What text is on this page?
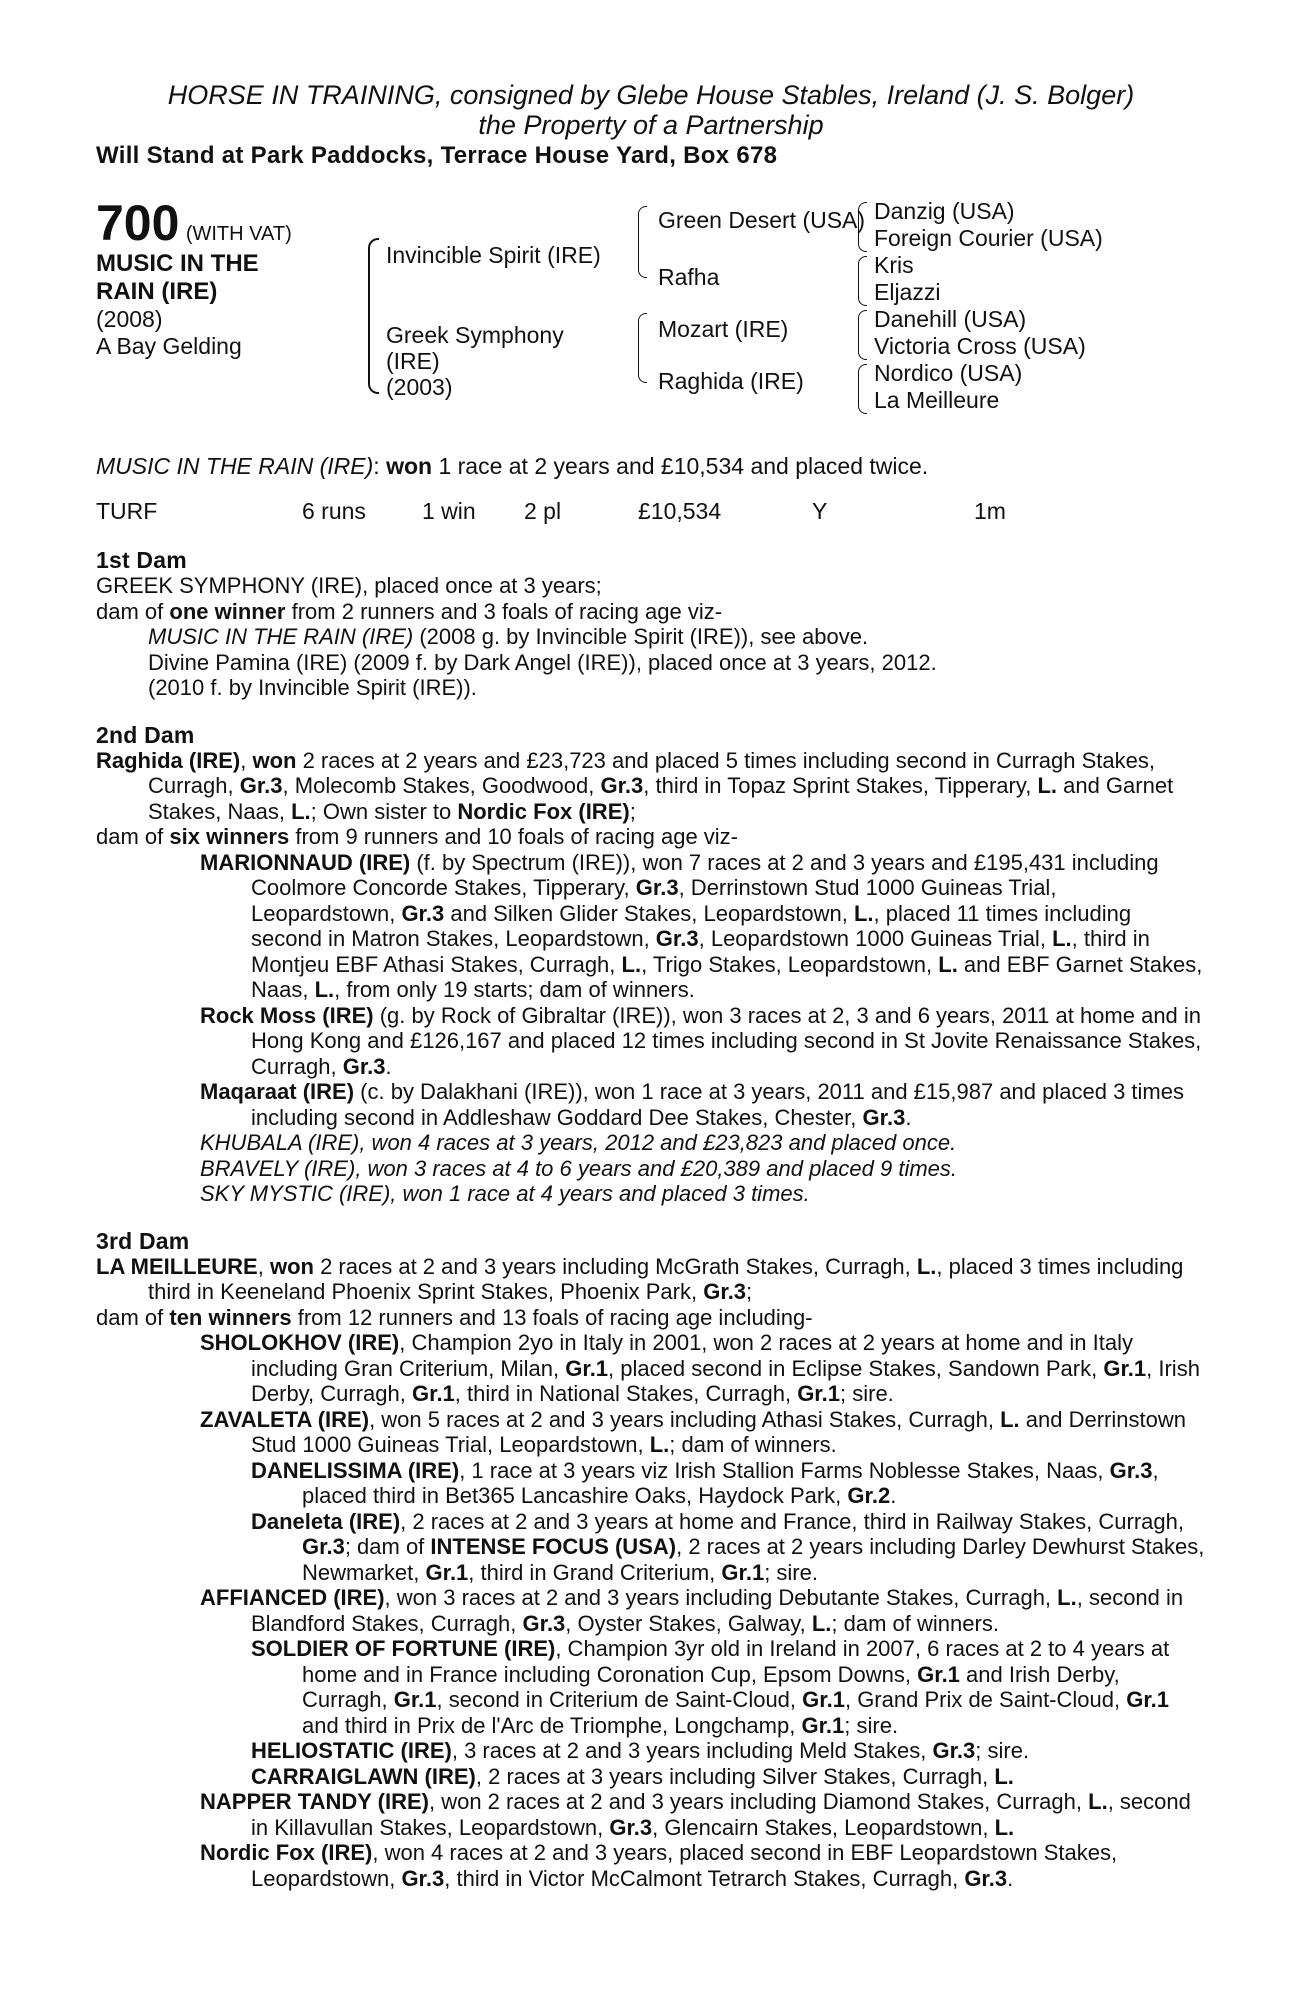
HORSE IN TRAINING, consigned by Glebe House Stables, Ireland (J. S. Bolger)
the Property of a Partnership
Will Stand at Park Paddocks, Terrace House Yard, Box 678
700 (WITH VAT)
MUSIC IN THE
RAIN (IRE)
(2008)
A Bay Gelding
Invincible Spirit (IRE)
Greek Symphony
(IRE)
(2003)
Green Desert (USA)
Rafha
Mozart (IRE)
Raghida (IRE)
Danzig (USA)
Foreign Courier (USA)
Kris
Eljazzi
Danehill (USA)
Victoria Cross (USA)
Nordico (USA)
La Meilleure

MUSIC IN THE RAIN (IRE): won 1 race at 2 years and £10,534 and placed twice.

TURF	6 runs 1 win 2 pl	£10,534	Y	1m
1st Dam

GREEK SYMPHONY (IRE), placed once at 3 years;

dam of one winner from 2 runners and 3 foals of racing age viz-

MUSIC IN THE RAIN (IRE) (2008 g. by Invincible Spirit (IRE)), see above.

Divine Pamina (IRE) (2009 f. by Dark Angel (IRE)), placed once at 3 years, 2012.

(2010 f. by Invincible Spirit (IRE)).

2nd Dam

Raghida (IRE), won 2 races at 2 years and £23,723 and placed 5 times including second in Curragh Stakes, Curragh, Gr.3, Molecomb Stakes, Goodwood, Gr.3, third in Topaz Sprint Stakes, Tipperary, L. and Garnet Stakes, Naas, L.; Own sister to Nordic Fox (IRE);

dam of six winners from 9 runners and 10 foals of racing age viz-

MARIONNAUD (IRE) (f. by Spectrum (IRE)), won 7 races at 2 and 3 years and £195,431 including Coolmore Concorde Stakes, Tipperary, Gr.3, Derrinstown Stud 1000 Guineas Trial, Leopardstown, Gr.3 and Silken Glider Stakes, Leopardstown, L., placed 11 times including second in Matron Stakes, Leopardstown, Gr.3, Leopardstown 1000 Guineas Trial, L., third in Montjeu EBF Athasi Stakes, Curragh, L., Trigo Stakes, Leopardstown, L. and EBF Garnet Stakes, Naas, L., from only 19 starts; dam of winners.

Rock Moss (IRE) (g. by Rock of Gibraltar (IRE)), won 3 races at 2, 3 and 6 years, 2011 at home and in Hong Kong and £126,167 and placed 12 times including second in St Jovite Renaissance Stakes, Curragh, Gr.3.

Maqaraat (IRE) (c. by Dalakhani (IRE)), won 1 race at 3 years, 2011 and £15,987 and placed 3 times including second in Addleshaw Goddard Dee Stakes, Chester, Gr.3.

KHUBALA (IRE), won 4 races at 3 years, 2012 and £23,823 and placed once.

BRAVELY (IRE), won 3 races at 4 to 6 years and £20,389 and placed 9 times.

SKY MYSTIC (IRE), won 1 race at 4 years and placed 3 times.

3rd Dam

LA MEILLEURE, won 2 races at 2 and 3 years including McGrath Stakes, Curragh, L., placed 3 times including third in Keeneland Phoenix Sprint Stakes, Phoenix Park, Gr.3;

dam of ten winners from 12 runners and 13 foals of racing age including-

SHOLOKHOV (IRE), Champion 2yo in Italy in 2001, won 2 races at 2 years at home and in Italy including Gran Criterium, Milan, Gr.1, placed second in Eclipse Stakes, Sandown Park, Gr.1, Irish Derby, Curragh, Gr.1, third in National Stakes, Curragh, Gr.1; sire.

ZAVALETA (IRE), won 5 races at 2 and 3 years including Athasi Stakes, Curragh, L. and Derrinstown Stud 1000 Guineas Trial, Leopardstown, L.; dam of winners.

DANELISSIMA (IRE), 1 race at 3 years viz Irish Stallion Farms Noblesse Stakes, Naas, Gr.3, placed third in Bet365 Lancashire Oaks, Haydock Park, Gr.2.

Daneleta (IRE), 2 races at 2 and 3 years at home and France, third in Railway Stakes, Curragh, Gr.3; dam of INTENSE FOCUS (USA), 2 races at 2 years including Darley Dewhurst Stakes, Newmarket, Gr.1, third in Grand Criterium, Gr.1; sire.

AFFIANCED (IRE), won 3 races at 2 and 3 years including Debutante Stakes, Curragh, L., second in Blandford Stakes, Curragh, Gr.3, Oyster Stakes, Galway, L.; dam of winners.

SOLDIER OF FORTUNE (IRE), Champion 3yr old in Ireland in 2007, 6 races at 2 to 4 years at home and in France including Coronation Cup, Epsom Downs, Gr.1 and Irish Derby, Curragh, Gr.1, second in Criterium de Saint-Cloud, Gr.1, Grand Prix de Saint-Cloud, Gr.1 and third in Prix de l'Arc de Triomphe, Longchamp, Gr.1; sire.

HELIOSTATIC (IRE), 3 races at 2 and 3 years including Meld Stakes, Gr.3; sire.

CARRAIGLAWN (IRE), 2 races at 3 years including Silver Stakes, Curragh, L.

NAPPER TANDY (IRE), won 2 races at 2 and 3 years including Diamond Stakes, Curragh, L., second in Killavullan Stakes, Leopardstown, Gr.3, Glencairn Stakes, Leopardstown, L.

Nordic Fox (IRE), won 4 races at 2 and 3 years, placed second in EBF Leopardstown Stakes, Leopardstown, Gr.3, third in Victor McCalmont Tetrarch Stakes, Curragh, Gr.3.
